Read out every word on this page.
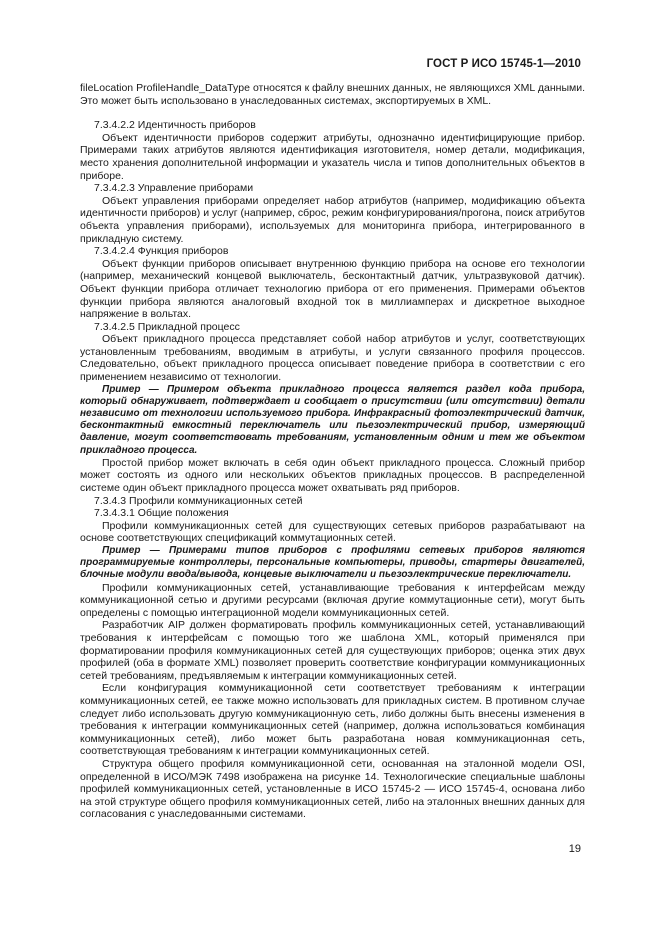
ГОСТ Р ИСО 15745-1—2010

fileLocation ProfileHandle_DataType относятся к файлу внешних данных, не являющихся XML данными. Это может быть использовано в унаследованных системах, экспортируемых в XML.

7.3.4.2.2 Идентичность приборов

Объект идентичности приборов содержит атрибуты, однозначно идентифицирующие прибор. Примерами таких атрибутов являются идентификация изготовителя, номер детали, модификация, место хранения дополнительной информации и указатель числа и типов дополнительных объектов в приборе.

7.3.4.2.3 Управление приборами

Объект управления приборами определяет набор атрибутов (например, модификацию объекта идентичности приборов) и услуг (например, сброс, режим конфигурирования/прогона, поиск атрибутов объекта управления приборами), используемых для мониторинга прибора, интегрированного в прикладную систему.

7.3.4.2.4 Функция приборов

Объект функции приборов описывает внутреннюю функцию прибора на основе его технологии (например, механический концевой выключатель, бесконтактный датчик, ультразвуковой датчик). Объект функции прибора отличает технологию прибора от его применения. Примерами объектов функции прибора являются аналоговый входной ток в миллиамперах и дискретное выходное напряжение в вольтах.

7.3.4.2.5 Прикладной процесс

Объект прикладного процесса представляет собой набор атрибутов и услуг, соответствующих установленным требованиям, вводимым в атрибуты, и услуги связанного профиля процессов. Следовательно, объект прикладного процесса описывает поведение прибора в соответствии с его применением независимо от технологии.

Пример — Примером объекта прикладного процесса является раздел кода прибора, который обнаруживает, подтверждает и сообщает о присутствии (или отсутствии) детали независимо от технологии используемого прибора. Инфракрасный фотоэлектрический датчик, бесконтактный емкостный переключатель или пьезоэлектрический прибор, измеряющий давление, могут соответствовать требованиям, установленным одним и тем же объектом прикладного процесса.

Простой прибор может включать в себя один объект прикладного процесса. Сложный прибор может состоять из одного или нескольких объектов прикладных процессов. В распределенной системе один объект прикладного процесса может охватывать ряд приборов.

7.3.4.3 Профили коммуникационных сетей

7.3.4.3.1 Общие положения

Профили коммуникационных сетей для существующих сетевых приборов разрабатывают на основе соответствующих спецификаций коммутационных сетей.

Пример — Примерами типов приборов с профилями сетевых приборов являются программируемые контроллеры, персональные компьютеры, приводы, стартеры двигателей, блочные модули ввода/вывода, концевые выключатели и пьезоэлектрические переключатели.

Профили коммуникационных сетей, устанавливающие требования к интерфейсам между коммуникационной сетью и другими ресурсами (включая другие коммутационные сети), могут быть определены с помощью интеграционной модели коммуникационных сетей.

Разработчик AIP должен форматировать профиль коммуникационных сетей, устанавливающий требования к интерфейсам с помощью того же шаблона XML, который применялся при форматировании профиля коммуникационных сетей для существующих приборов; оценка этих двух профилей (оба в формате XML) позволяет проверить соответствие конфигурации коммуникационных сетей требованиям, предъявляемым к интеграции коммуникационных сетей.

Если конфигурация коммуникационной сети соответствует требованиям к интеграции коммуникационных сетей, ее также можно использовать для прикладных систем. В противном случае следует либо использовать другую коммуникационную сеть, либо должны быть внесены изменения в требования к интеграции коммуникационных сетей (например, должна использоваться комбинация коммуникационных сетей), либо может быть разработана новая коммуникационная сеть, соответствующая требованиям к интеграции коммуникационных сетей.

Структура общего профиля коммуникационной сети, основанная на эталонной модели OSI, определенной в ИСО/МЭК 7498 изображена на рисунке 14. Технологические специальные шаблоны профилей коммуникационных сетей, установленные в ИСО 15745-2 — ИСО 15745-4, основана либо на этой структуре общего профиля коммуникационных сетей, либо на эталонных внешних данных для согласования с унаследованными системами.

19
